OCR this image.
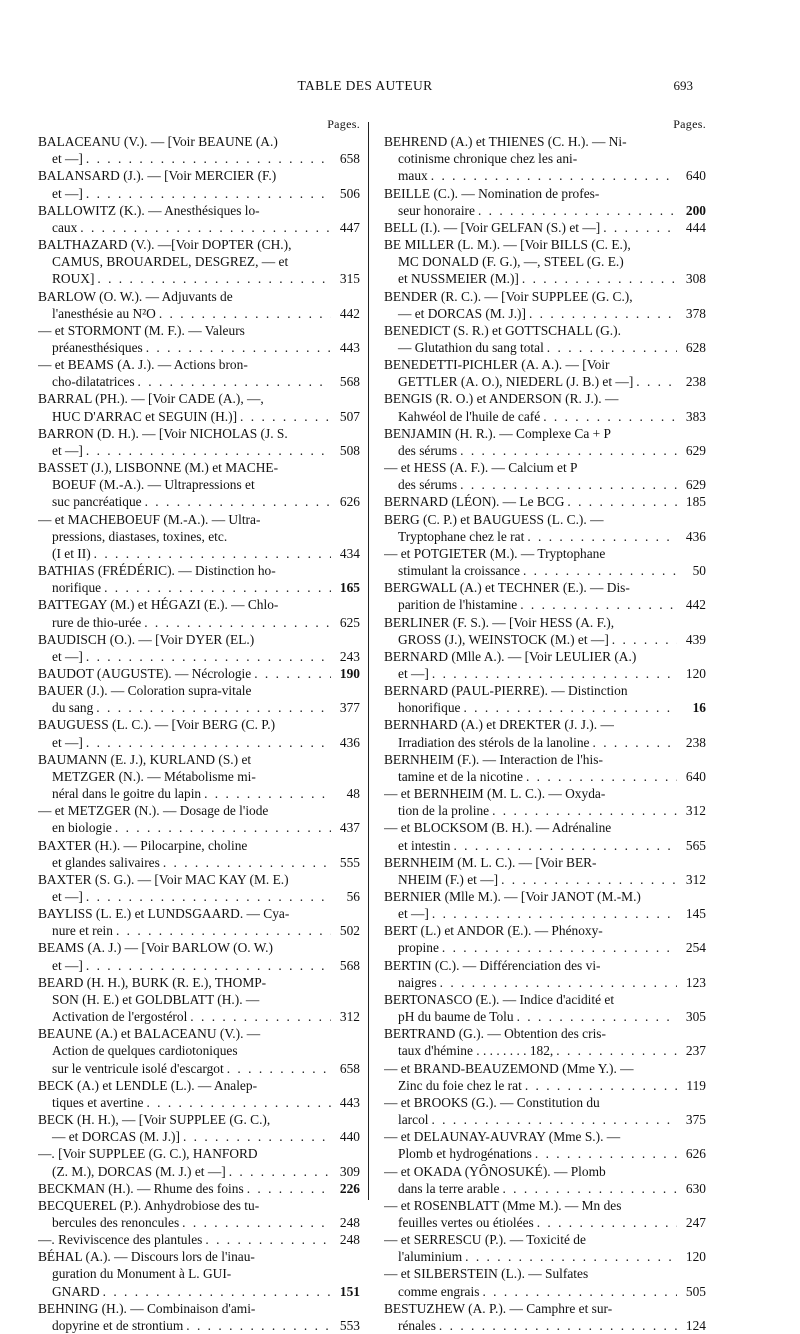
TABLE DES AUTEUR	693
Pages.
BALACEANU (V.). — [Voir BEAUNE (A.)
et —] . . .	658
BALANSARD (J.). — [Voir MERCIER (F.)
et —] . . .	506
BALLOWITZ (K.). — Anesthésiques lo-
caux . . .	447
BALTHAZARD (V.). —[Voir DOPTER (CH.),
CAMUS, BROUARDEL, DESGREZ, — et
ROUX] . . .	315
BARLOW (O. W.). — Adjuvants de
l'anesthésie au N²O . . .	442
— et STORMONT (M. F.). — Valeurs
préanesthésiques . . .	443
— et BEAMS (A. J.). — Actions bron-
cho-dilatatrices . . .	568
BARRAL (PH.). — [Voir CADE (A.), —,
HUC D'ARRAC et SEGUIN (H.)] . . .	507
BARRON (D. H.). — [Voir NICHOLAS (J. S.
et —] . . .	508
BASSET (J.), LISBONNE (M.) et MACHE-
BOEUF (M.-A.). — Ultrapressions et
suc pancréatique . . .	626
— et MACHEBOEUF (M.-A.). — Ultra-
pressions, diastases, toxines, etc.
(I et II) . . .	434
BATHIAS (FRÉDÉRIC). — Distinction ho-
norifique . . .	165
BATTEGAY (M.) et HÉGAZI (E.). — Chlo-
rure de thio-urée . . .	625
BAUDISCH (O.). — [Voir DYER (EL.)
et —] . . .	243
BAUDOT (AUGUSTE). — Nécrologie . . .	190
BAUER (J.). — Coloration supra-vitale
du sang . . .	377
BAUGUESS (L. C.). — [Voir BERG (C. P.)
et —] . . .	436
BAUMANN (E. J.), KURLAND (S.) et
METZGER (N.). — Métabolisme mi-
néral dans le goitre du lapin . . .	48
— et METZGER (N.). — Dosage de l'iode
en biologie . . .	437
BAXTER (H.). — Pilocarpine, choline
et glandes salivaires . . .	555
BAXTER (S. G.). — [Voir MAC KAY (M. E.)
et —] . . .	56
BAYLISS (L. E.) et LUNDSGAARD. — Cya-
nure et rein . . .	502
BEAMS (A. J.) — [Voir BARLOW (O. W.)
et —] . . .	568
BEARD (H. H.), BURK (R. E.), THOMP-
SON (H. E.) et GOLDBLATT (H.). —
Activation de l'ergostérol . . .	312
BEAUNE (A.) et BALACEANU (V.). —
Action de quelques cardiotoniques
sur le ventricule isolé d'escargot . . .	658
BECK (A.) et LENDLE (L.). — Analep-
tiques et avertine . . .	443
BECK (H. H.), — [Voir SUPPLEE (G. C.),
— et DORCAS (M. J.)] . . .	440
—. [Voir SUPPLEE (G. C.), HANFORD
(Z. M.), DORCAS (M. J.) et —] . . .	309
BECKMAN (H.). — Rhume des foins . . .	226
BECQUEREL (P.). Anhydrobiose des tu-
bercules des renoncules . . .	248
—. Reviviscence des plantules . . .	248
BÉHAL (A.). — Discours lors de l'inau-
guration du Monument à L. GUI-
GNARD . . .	151
BEHNING (H.). — Combinaison d'ami-
dopyrine et de strontium . . .	553
Pages.
BEHREND (A.) et THIENES (C. H.). — Ni-
cotinisme chronique chez les ani-
maux . . .	640
BEILLE (C.). — Nomination de profes-
seur honoraire . . .	200
BELL (I.). — [Voir GELFAN (S.) et —] . . .	444
BE MILLER (L. M.). — [Voir BILLS (C. E.),
MC DONALD (F. G.), —, STEEL (G. E.)
et NUSSMEIER (M.)] . . .	308
BENDER (R. C.). — [Voir SUPPLEE (G. C.),
— et DORCAS (M. J.)] . . .	378
BENEDICT (S. R.) et GOTTSCHALL (G.).
— Glutathion du sang total . . .	628
BENEDETTI-PICHLER (A. A.). — [Voir
GETTLER (A. O.), NIEDERL (J. B.) et —] . . .	238
BENGIS (R. O.) et ANDERSON (R. J.). —
Kahwéol de l'huile de café . . .	383
BENJAMIN (H. R.). — Complexe Ca + P
des sérums . . .	629
— et HESS (A. F.). — Calcium et P
des sérums . . .	629
BERNARD (LÉON). — Le BCG . . .	185
BERG (C. P.) et BAUGUESS (L. C.). —
Tryptophane chez le rat . . .	436
— et POTGIETER (M.). — Tryptophane
stimulant la croissance . . .	50
BERGWALL (A.) et TECHNER (E.). — Dis-
parition de l'histamine . . .	442
BERLINER (F. S.). — [Voir HESS (A. F.),
GROSS (J.), WEINSTOCK (M.) et —] . . .	439
BERNARD (Mlle A.). — [Voir LEULIER (A.)
et —] . . .	120
BERNARD (PAUL-PIERRE). — Distinction
honorifique . . .	16
BERNHARD (A.) et DREKTER (J. J.). —
Irradiation des stérols de la lanoline . . .	238
BERNHEIM (F.). — Interaction de l'his-
tamine et de la nicotine . . .	640
— et BERNHEIM (M. L. C.). — Oxyda-
tion de la proline . . .	312
— et BLOCKSOM (B. H.). — Adrénaline
et intestin . . .	565
BERNHEIM (M. L. C.). — [Voir BER-
NHEIM (F.) et —] . . .	312
BERNIER (Mlle M.). — [Voir JANOT (M.-M.)
et —] . . .	145
BERT (L.) et ANDOR (E.). — Phénoxy-
propine . . .	254
BERTIN (C.). — Différenciation des vi-
naigres . . .	123
BERTONASCO (E.). — Indice d'acidité et
pH du baume de Tolu . . .	305
BERTRAND (G.). — Obtention des cris-
taux d'hémine . . . . . . . . 182, . . .	237
— et BRAND-BEAUZEMOND (Mme Y.). —
Zinc du foie chez le rat . . .	119
— et BROOKS (G.). — Constitution du
larcol . . .	375
— et DELAUNAY-AUVRAY (Mme S.). —
Plomb et hydrogénations . . .	626
— et OKADA (YÔNOSUKÉ). — Plomb
dans la terre arable . . .	630
— et ROSENBLATT (Mme M.). — Mn des
feuilles vertes ou étiolées . . .	247
— et SERRESCU (P.). — Toxicité de
l'aluminium . . .	120
— et SILBERSTEIN (L.). — Sulfates
comme engrais . . .	505
BESTUZHEW (A. P.). — Camphre et sur-
rénales . . .	124
